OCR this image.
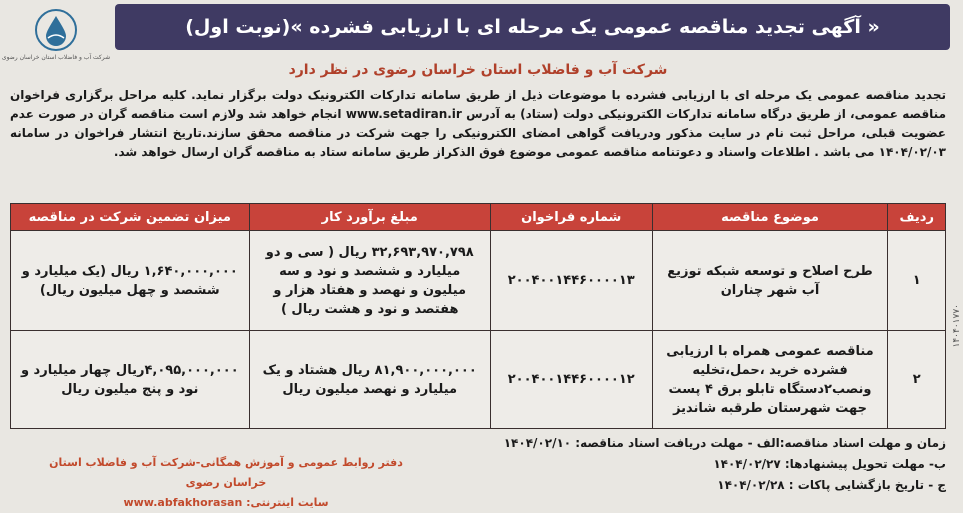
« آگهی تجدید مناقصه عمومی یک مرحله ای با ارزیابی فشرده »(نوبت اول)
شرکت آب و فاضلاب استان خراسان رضوی
شرکت آب و فاضلاب استان خراسان رضوی در نظر دارد
تجدید مناقصه عمومی یک مرحله ای با ارزیابی فشرده با موضوعات ذیل از طریق سامانه تدارکات الکترونیک دولت برگزار نماید. کلیه مراحل برگزاری فراخوان مناقصه عمومی، از طریق درگاه سامانه تدارکات الکترونیکی دولت (ستاد) به آدرس www.setadiran.ir انجام خواهد شد ولازم است مناقصه گران در صورت عدم عضویت قبلی، مراحل ثبت نام در سایت مذکور ودریافت گواهی امضای الکترونیکی را جهت شرکت در مناقصه محقق سازند.تاریخ انتشار فراخوان در سامانه ۱۴۰۴/۰۲/۰۳ می باشد . اطلاعات واسناد و دعوتنامه مناقصه عمومی موضوع فوق الذکراز طریق سامانه ستاد به مناقصه گران ارسال خواهد شد.
ردیف	موضوع مناقصه	شماره فراخوان	مبلغ برآورد کار	میزان تضمین شرکت در مناقصه
۱	طرح اصلاح و توسعه شبکه توزیع آب شهر چناران	۲۰۰۴۰۰۱۴۴۶۰۰۰۰۱۳	۳۲,۶۹۳,۹۷۰,۷۹۸ ریال ( سی و دو میلیارد و ششصد و نود و سه میلیون و نهصد و هفتاد هزار و هفتصد و نود و هشت ریال )	۱,۶۴۰,۰۰۰,۰۰۰ ریال (یک میلیارد و ششصد و چهل میلیون ریال)
۲	مناقصه عمومی همراه با ارزیابی فشرده خرید ،حمل،تخلیه ونصب۲دستگاه تابلو برق ۴ پست جهت شهرستان طرقبه شاندیز	۲۰۰۴۰۰۱۴۴۶۰۰۰۰۱۲	۸۱,۹۰۰,۰۰۰,۰۰۰ ریال هشتاد و یک میلیارد و نهصد میلیون ریال	۴,۰۹۵,۰۰۰,۰۰۰ریال چهار میلیارد و نود و پنج میلیون ریال
زمان و مهلت اسناد مناقصه:الف - مهلت دریافت اسناد مناقصه: ۱۴۰۴/۰۲/۱۰
ب- مهلت تحویل پیشنهادها: ۱۴۰۴/۰۲/۲۷
ج - تاریخ بازگشایی پاکات : ۱۴۰۴/۰۲/۲۸
دفتر روابط عمومی و آموزش همگانی-شرکت آب و فاضلاب استان خراسان رضوی
سایت اینترنتی: www.abfakhorasan
۱۴۰۴۰۱۷۷۰
